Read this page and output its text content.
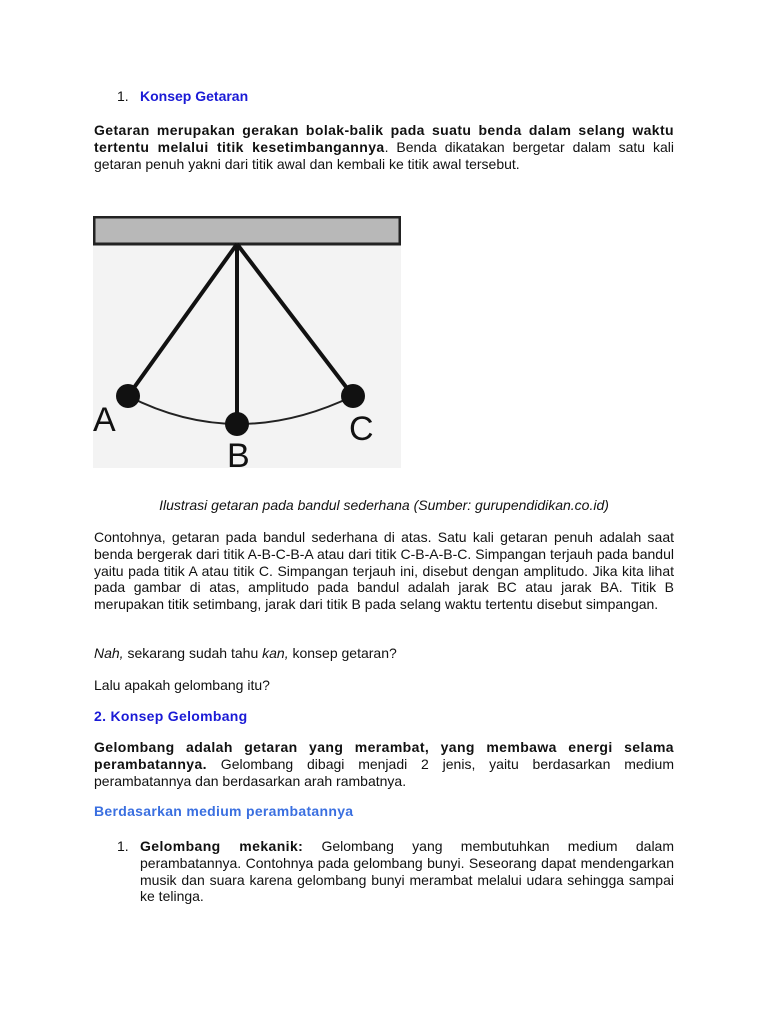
1. Konsep Getaran
Getaran merupakan gerakan bolak-balik pada suatu benda dalam selang waktu tertentu melalui titik kesetimbangannya. Benda dikatakan bergetar dalam satu kali getaran penuh yakni dari titik awal dan kembali ke titik awal tersebut.
A
B
C
Ilustrasi getaran pada bandul sederhana (Sumber: gurupendidikan.co.id)
Contohnya, getaran pada bandul sederhana di atas. Satu kali getaran penuh adalah saat benda bergerak dari titik A-B-C-B-A atau dari titik C-B-A-B-C. Simpangan terjauh pada bandul yaitu pada titik A atau titik C. Simpangan terjauh ini, disebut dengan amplitudo. Jika kita lihat pada gambar di atas, amplitudo pada bandul adalah jarak BC atau jarak BA. Titik B merupakan titik setimbang, jarak dari titik B pada selang waktu tertentu disebut simpangan.
Nah, sekarang sudah tahu kan, konsep getaran?
Lalu apakah gelombang itu?
2. Konsep Gelombang
Gelombang adalah getaran yang merambat, yang membawa energi selama perambatannya. Gelombang dibagi menjadi 2 jenis, yaitu berdasarkan medium perambatannya dan berdasarkan arah rambatnya.
Berdasarkan medium perambatannya
1. Gelombang mekanik: Gelombang yang membutuhkan medium dalam perambatannya. Contohnya pada gelombang bunyi. Seseorang dapat mendengarkan musik dan suara karena gelombang bunyi merambat melalui udara sehingga sampai ke telinga.
